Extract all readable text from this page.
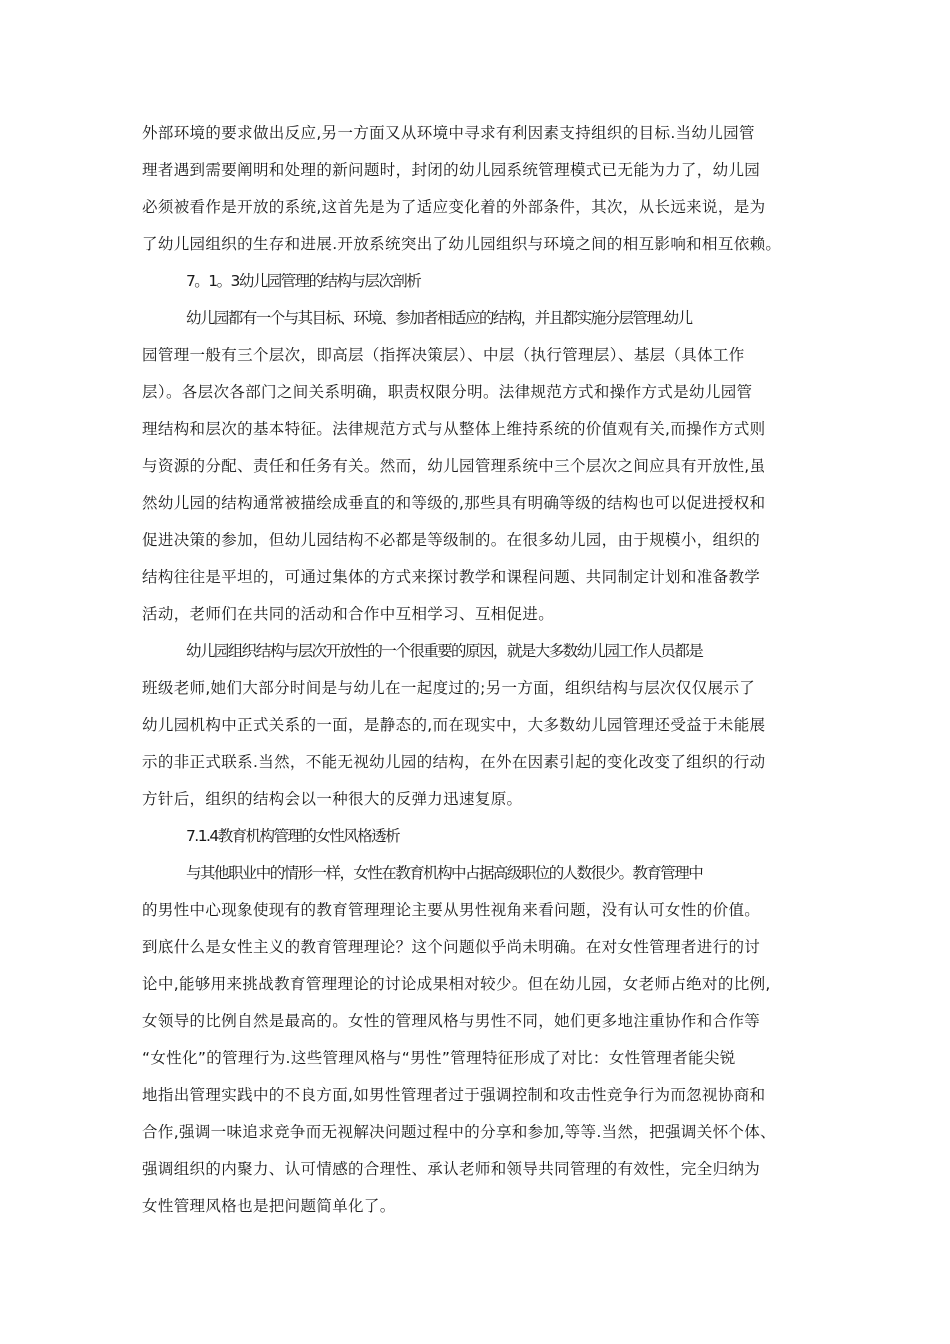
外部环境的要求做出反应,另一方面又从环境中寻求有利因素支持组织的目标.当幼儿园管
理者遇到需要阐明和处理的新问题时，封闭的幼儿园系统管理模式已无能为力了，幼儿园
必须被看作是开放的系统,这首先是为了适应变化着的外部条件，其次，从长远来说，是为
了幼儿园组织的生存和进展.开放系统突出了幼儿园组织与环境之间的相互影响和相互依赖。
7。1。3幼儿园管理的结构与层次剖析
幼儿园都有一个与其目标、环境、参加者相适应的结构，并且都实施分层管理.幼儿
园管理一般有三个层次，即高层（指挥决策层）、中层（执行管理层）、基层（具体工作
层）。各层次各部门之间关系明确，职责权限分明。法律规范方式和操作方式是幼儿园管
理结构和层次的基本特征。法律规范方式与从整体上维持系统的价值观有关,而操作方式则
与资源的分配、责任和任务有关。然而，幼儿园管理系统中三个层次之间应具有开放性,虽
然幼儿园的结构通常被描绘成垂直的和等级的,那些具有明确等级的结构也可以促进授权和
促进决策的参加，但幼儿园结构不必都是等级制的。在很多幼儿园，由于规模小，组织的
结构往往是平坦的，可通过集体的方式来探讨教学和课程问题、共同制定计划和准备教学
活动，老师们在共同的活动和合作中互相学习、互相促进。
幼儿园组织结构与层次开放性的一个很重要的原因，就是大多数幼儿园工作人员都是
班级老师,她们大部分时间是与幼儿在一起度过的;另一方面，组织结构与层次仅仅展示了
幼儿园机构中正式关系的一面，是静态的,而在现实中，大多数幼儿园管理还受益于未能展
示的非正式联系.当然，不能无视幼儿园的结构，在外在因素引起的变化改变了组织的行动
方针后，组织的结构会以一种很大的反弹力迅速复原。
7.1.4教育机构管理的女性风格透析
与其他职业中的情形一样，女性在教育机构中占据高级职位的人数很少。教育管理中
的男性中心现象使现有的教育管理理论主要从男性视角来看问题，没有认可女性的价值。
到底什么是女性主义的教育管理理论？这个问题似乎尚未明确。在对女性管理者进行的讨
论中,能够用来挑战教育管理理论的讨论成果相对较少。但在幼儿园，女老师占绝对的比例,
女领导的比例自然是最高的。女性的管理风格与男性不同，她们更多地注重协作和合作等
“女性化”的管理行为.这些管理风格与“男性”管理特征形成了对比：女性管理者能尖锐
地指出管理实践中的不良方面,如男性管理者过于强调控制和攻击性竞争行为而忽视协商和
合作,强调一味追求竞争而无视解决问题过程中的分享和参加,等等.当然，把强调关怀个体、
强调组织的内聚力、认可情感的合理性、承认老师和领导共同管理的有效性，完全归纳为
女性管理风格也是把问题简单化了。
